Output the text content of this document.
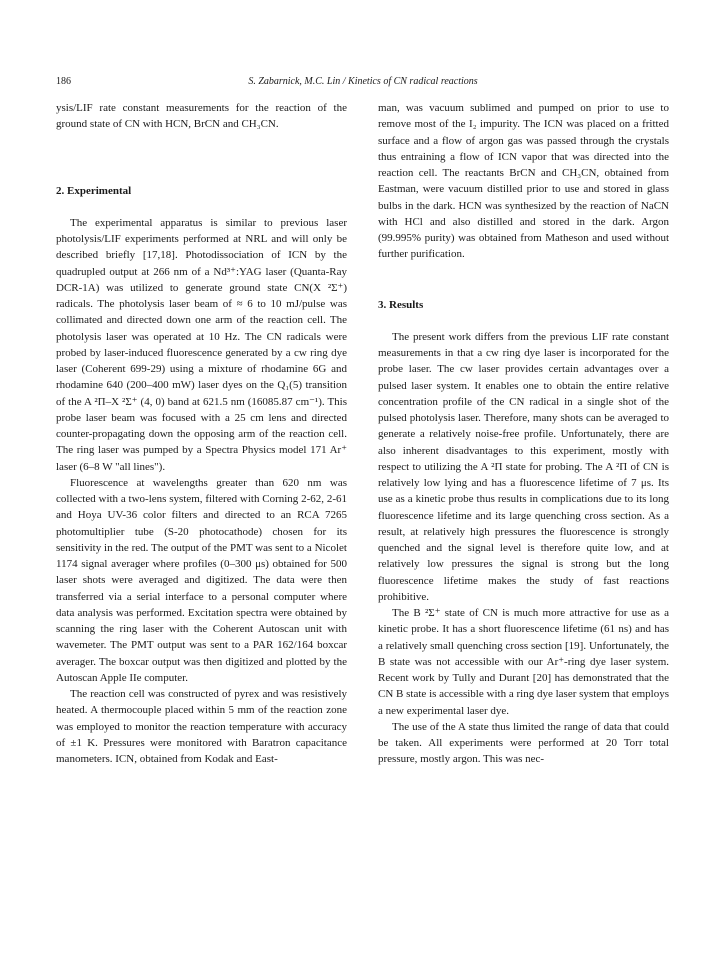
186	S. Zabarnick, M.C. Lin / Kinetics of CN radical reactions

ysis/LIF rate constant measurements for the reaction of the ground state of CN with HCN, BrCN and CH₃CN.

2. Experimental

The experimental apparatus is similar to previous laser photolysis/LIF experiments performed at NRL and will only be described briefly [17,18]. Photodissociation of ICN by the quadrupled output at 266 nm of a Nd³⁺:YAG laser (Quanta-Ray DCR-1A) was utilized to generate ground state CN(X ²Σ⁺) radicals. The photolysis laser beam of ≈ 6 to 10 mJ/pulse was collimated and directed down one arm of the reaction cell. The photolysis laser was operated at 10 Hz. The CN radicals were probed by laser-induced fluorescence generated by a cw ring dye laser (Coherent 699-29) using a mixture of rhodamine 6G and rhodamine 640 (200–400 mW) laser dyes on the Q₁(5) transition of the A ²Π–X ²Σ⁺ (4, 0) band at 621.5 nm (16085.87 cm⁻¹). This probe laser beam was focused with a 25 cm lens and directed counter-propagating down the opposing arm of the reaction cell. The ring laser was pumped by a Spectra Physics model 171 Ar⁺ laser (6–8 W "all lines").

Fluorescence at wavelengths greater than 620 nm was collected with a two-lens system, filtered with Corning 2-62, 2-61 and Hoya UV-36 color filters and directed to an RCA 7265 photomultiplier tube (S-20 photocathode) chosen for its sensitivity in the red. The output of the PMT was sent to a Nicolet 1174 signal averager where profiles (0–300 μs) obtained for 500 laser shots were averaged and digitized. The data were then transferred via a serial interface to a personal computer where data analysis was performed. Excitation spectra were obtained by scanning the ring laser with the Coherent Autoscan unit with wavemeter. The PMT output was sent to a PAR 162/164 boxcar averager. The boxcar output was then digitized and plotted by the Autoscan Apple IIe computer.

The reaction cell was constructed of pyrex and was resistively heated. A thermocouple placed within 5 mm of the reaction zone was employed to monitor the reaction temperature with accuracy of ±1 K. Pressures were monitored with Baratron capacitance manometers. ICN, obtained from Kodak and East-

man, was vacuum sublimed and pumped on prior to use to remove most of the I₂ impurity. The ICN was placed on a fritted surface and a flow of argon gas was passed through the crystals thus entraining a flow of ICN vapor that was directed into the reaction cell. The reactants BrCN and CH₃CN, obtained from Eastman, were vacuum distilled prior to use and stored in glass bulbs in the dark. HCN was synthesized by the reaction of NaCN with HCl and also distilled and stored in the dark. Argon (99.995% purity) was obtained from Matheson and used without further purification.

3. Results

The present work differs from the previous LIF rate constant measurements in that a cw ring dye laser is incorporated for the probe laser. The cw laser provides certain advantages over a pulsed laser system. It enables one to obtain the entire relative concentration profile of the CN radical in a single shot of the pulsed photolysis laser. Therefore, many shots can be averaged to generate a relatively noise-free profile. Unfortunately, there are also inherent disadvantages to this experiment, mostly with respect to utilizing the A ²Π state for probing. The A ²Π of CN is relatively low lying and has a fluorescence lifetime of 7 μs. Its use as a kinetic probe thus results in complications due to its long fluorescence lifetime and its large quenching cross section. As a result, at relatively high pressures the fluorescence is strongly quenched and the signal level is therefore quite low, and at relatively low pressures the signal is strong but the long fluorescence lifetime makes the study of fast reactions prohibitive.

The B ²Σ⁺ state of CN is much more attractive for use as a kinetic probe. It has a short fluorescence lifetime (61 ns) and has a relatively small quenching cross section [19]. Unfortunately, the B state was not accessible with our Ar⁺-ring dye laser system. Recent work by Tully and Durant [20] has demonstrated that the CN B state is accessible with a ring dye laser system that employs a new experimental laser dye.

The use of the A state thus limited the range of data that could be taken. All experiments were performed at 20 Torr total pressure, mostly argon. This was nec-
